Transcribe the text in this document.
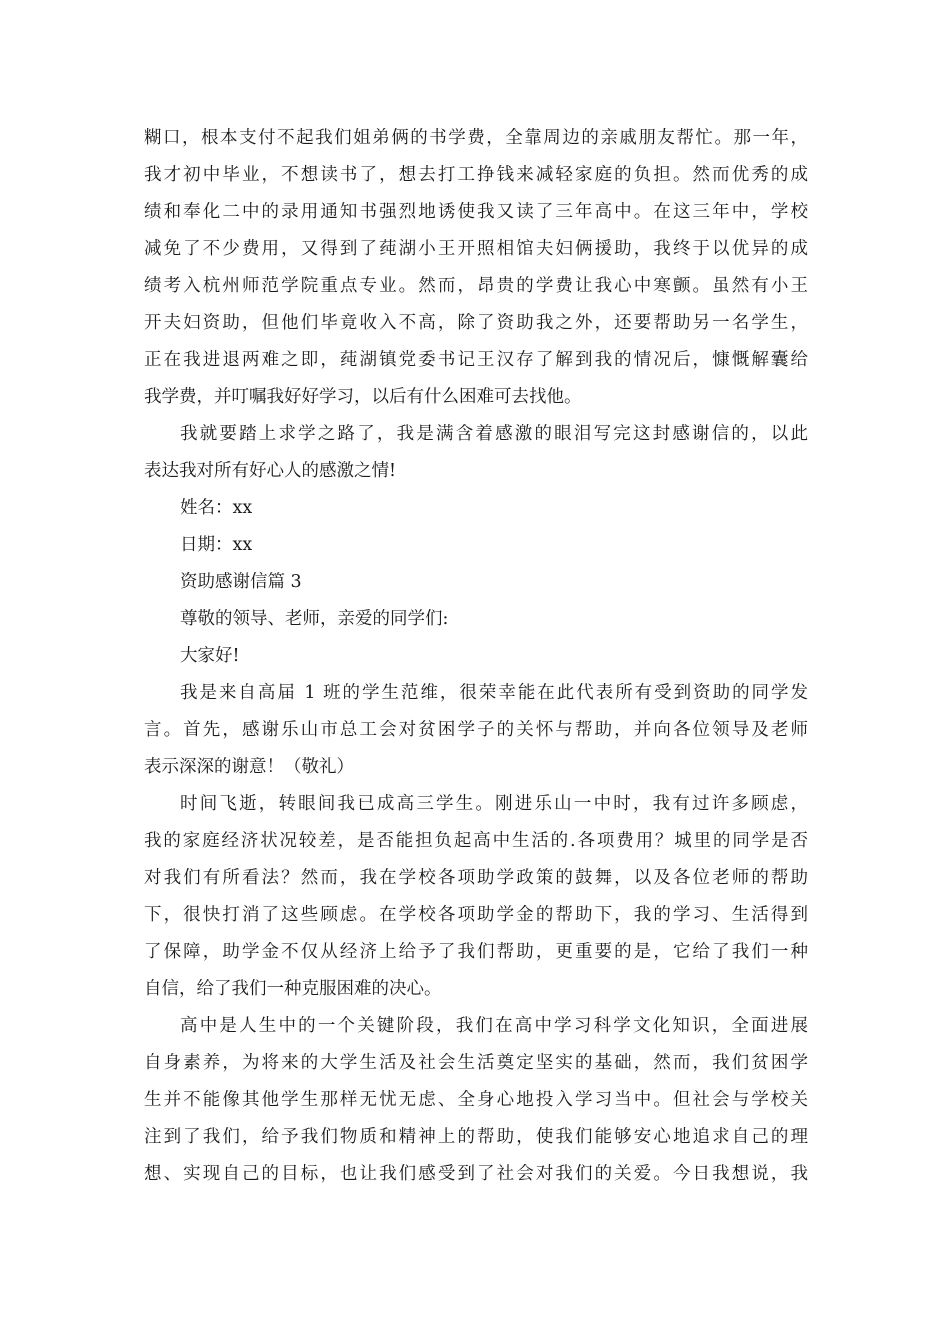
糊口，根本支付不起我们姐弟俩的书学费，全靠周边的亲戚朋友帮忙。那一年，
我才初中毕业，不想读书了，想去打工挣钱来减轻家庭的负担。然而优秀的成
绩和奉化二中的录用通知书强烈地诱使我又读了三年高中。在这三年中，学校
减免了不少费用，又得到了莼湖小王开照相馆夫妇俩援助，我终于以优异的成
绩考入杭州师范学院重点专业。然而，昂贵的学费让我心中寒颤。虽然有小王
开夫妇资助，但他们毕竟收入不高，除了资助我之外，还要帮助另一名学生，
正在我进退两难之即，莼湖镇党委书记王汉存了解到我的情况后，慷慨解囊给
我学费，并叮嘱我好好学习，以后有什么困难可去找他。
我就要踏上求学之路了，我是满含着感激的眼泪写完这封感谢信的，以此
表达我对所有好心人的感激之情!
姓名：xx
日期：xx
资助感谢信篇 3
尊敬的领导、老师，亲爱的同学们:
大家好!
我是来自高届 1 班的学生范维，很荣幸能在此代表所有受到资助的同学发
言。首先，感谢乐山市总工会对贫困学子的关怀与帮助，并向各位领导及老师
表示深深的谢意！（敬礼）
时间飞逝，转眼间我已成高三学生。刚进乐山一中时，我有过许多顾虑，
我的家庭经济状况较差，是否能担负起高中生活的.各项费用？城里的同学是否
对我们有所看法？然而，我在学校各项助学政策的鼓舞，以及各位老师的帮助
下，很快打消了这些顾虑。在学校各项助学金的帮助下，我的学习、生活得到
了保障，助学金不仅从经济上给予了我们帮助，更重要的是，它给了我们一种
自信，给了我们一种克服困难的决心。
高中是人生中的一个关键阶段，我们在高中学习科学文化知识，全面进展
自身素养，为将来的大学生活及社会生活奠定坚实的基础，然而，我们贫困学
生并不能像其他学生那样无忧无虑、全身心地投入学习当中。但社会与学校关
注到了我们，给予我们物质和精神上的帮助，使我们能够安心地追求自己的理
想、实现自己的目标，也让我们感受到了社会对我们的关爱。今日我想说，我
